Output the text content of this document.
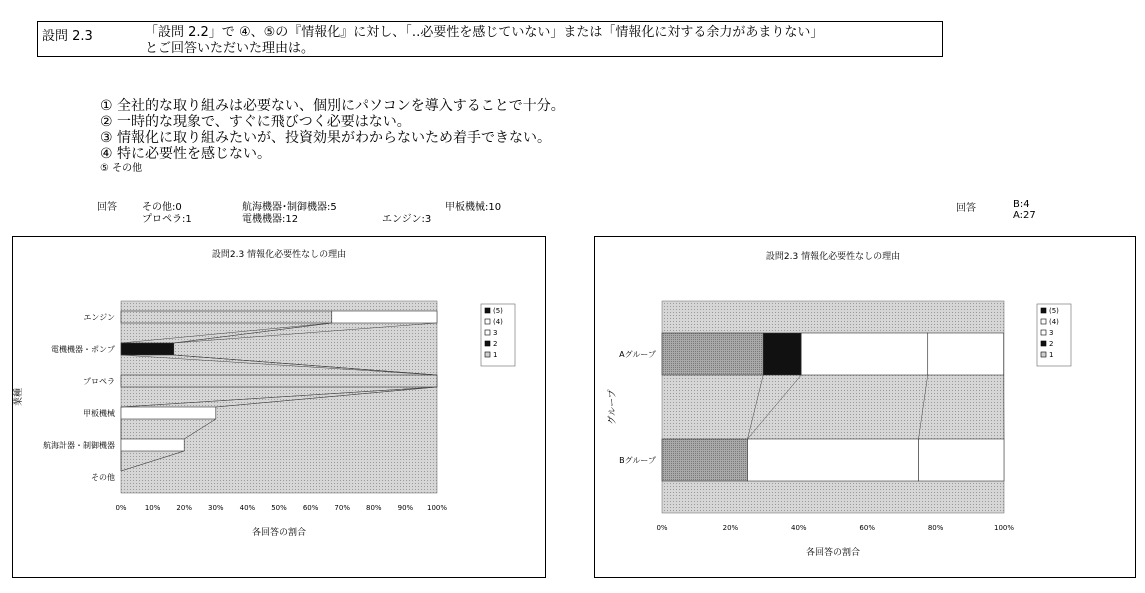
設問 2.3	「設問 2.2」で ④、⑤の『情報化』に対し、「‥必要性を感じていない」または「情報化に対する余力があまりない」
とご回答いただいた理由は。
① 全社的な取り組みは必要ない、個別にパソコンを導入することで十分。
② 一時的な現象で、すぐに飛びつく必要はない。
③ 情報化に取り組みたいが、投資効果がわからないため着手できない。
④ 特に必要性を感じない。
⑤ その他
回答	その他:0
プロペラ:1
航海機器･制御機器:5
電機機器:12
甲板機械:10
エンジン:3
回答	B:4
A:27
設問2.3 情報化必要性なしの理由
0%	10% 20% 30% 40% 50% 60% 70% 80% 90% 100%
各回答の割合
業種
エンジン
電機機器・ポンプ
プロペラ
甲板機械
航海計器・制御機器
その他
(5)
(4)
3
2
1
設問2.3 情報化必要性なしの理由
0%	20%	40%	60%	80%	100%
各回答の割合
グループ
Aグループ
Bグループ
(5)
(4)
3
2
1
